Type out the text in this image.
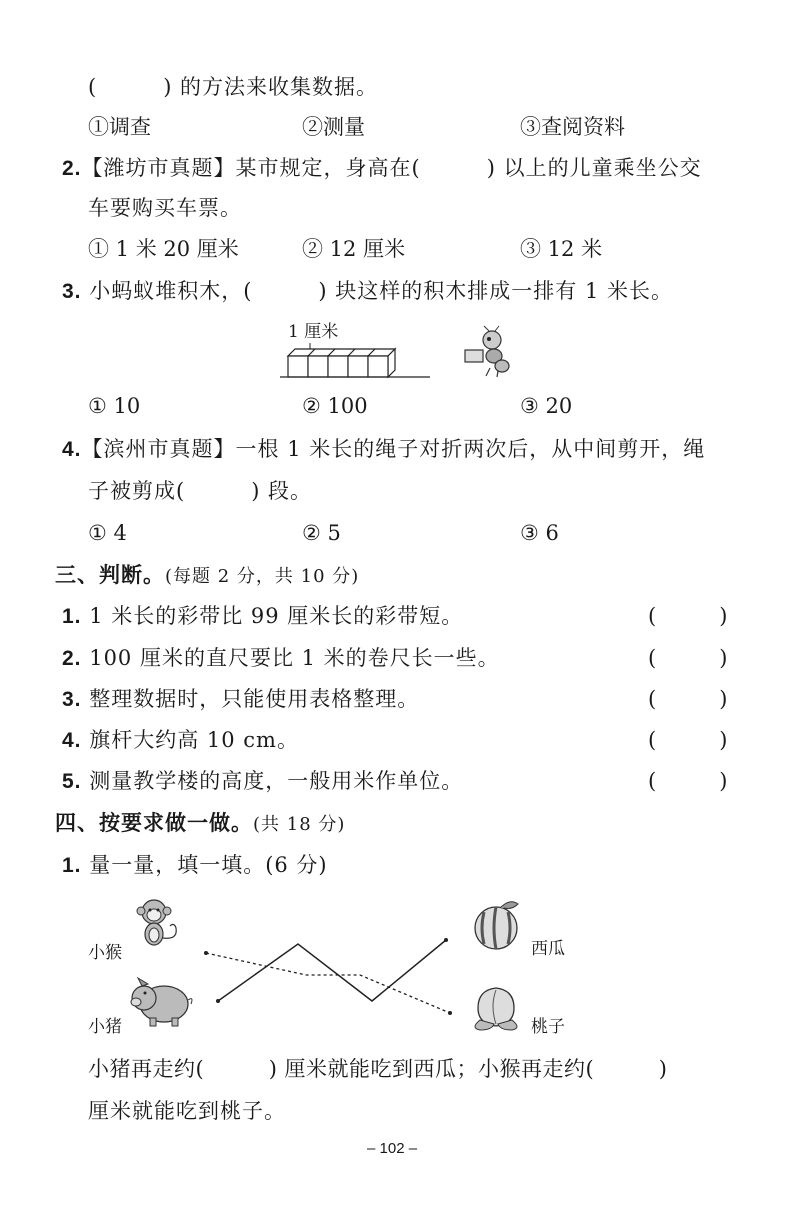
(　　　) 的方法来收集数据。
①调查	②测量	③查阅资料
2.【潍坊市真题】某市规定，身高在(　　　) 以上的儿童乘坐公交
车要购买车票。
① 1 米 20 厘米	② 12 厘米	③ 12 米
3. 小蚂蚁堆积木，(　　　) 块这样的积木排成一排有 1 米长。
1 厘米
① 10	② 100	③ 20
4.【滨州市真题】一根 1 米长的绳子对折两次后，从中间剪开，绳
子被剪成(　　　) 段。
① 4	② 5	③ 6
三、判断。(每题 2 分，共 10 分)
1. 1 米长的彩带比 99 厘米长的彩带短。	(　　　)
2. 100 厘米的直尺要比 1 米的卷尺长一些。	(　　　)
3. 整理数据时，只能使用表格整理。	(　　　)
4. 旗杆大约高 10 cm。	(　　　)
5. 测量教学楼的高度，一般用米作单位。	(　　　)
四、按要求做一做。(共 18 分)
1. 量一量，填一填。(6 分)
小猴
小猪
西瓜
桃子
小猪再走约(　　　) 厘米就能吃到西瓜；小猴再走约(　　　)
厘米就能吃到桃子。
– 102 –
